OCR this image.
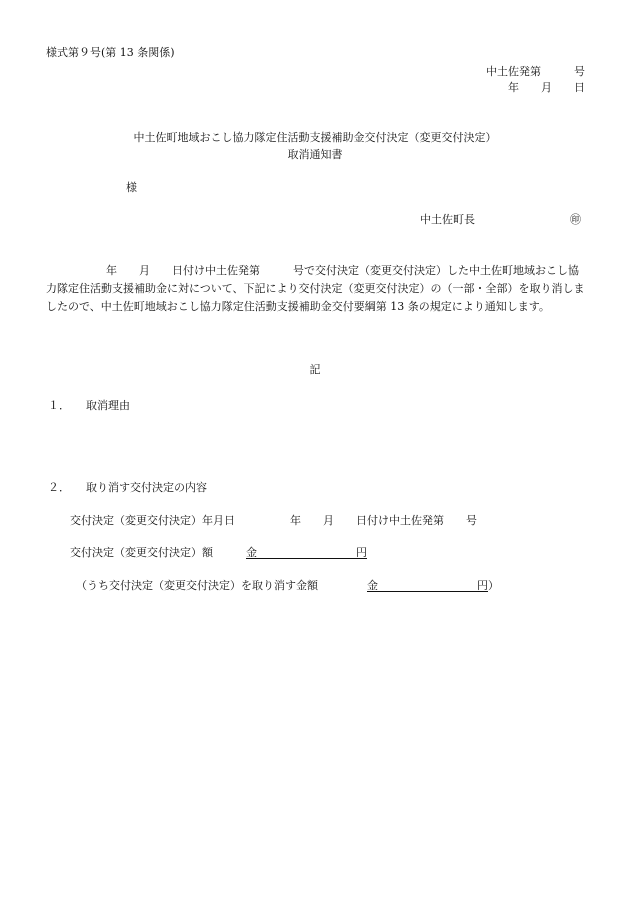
様式第９号(第 13 条関係)
中土佐発第　　　号
年　　月　　日
中土佐町地域おこし協力隊定住活動支援補助金交付決定（変更交付決定）
取消通知書
様
中土佐町長	㊞
年　　月　　日付け中土佐発第　　　号で交付決定（変更交付決定）した中土佐町地域おこし協力隊定住活動支援補助金に対について、下記により交付決定（変更交付決定）の（一部・全部）を取り消しましたので、中土佐町地域おこし協力隊定住活動支援補助金交付要綱第 13 条の規定により通知します。
記
１． 取消理由
２． 取り消す交付決定の内容
交付決定（変更交付決定）年月日　　　　　年　　月　　日付け中土佐発第　　号
交付決定（変更交付決定）額	金　　　　　　　　　円
（うち交付決定（変更交付決定）を取り消す金額	金　　　　　　　　　円 ）
